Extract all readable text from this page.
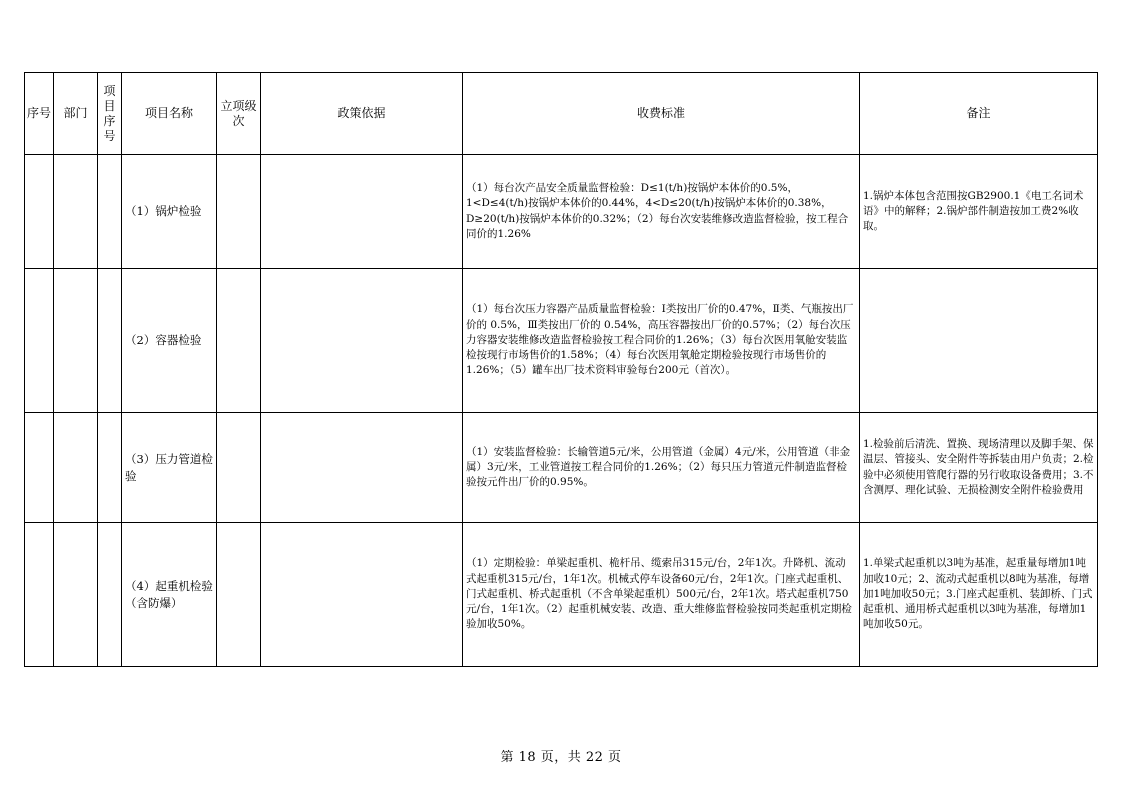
序号	部门	项目序号	项目名称	立项级次	政策依据	收费标准	备注
			（1）锅炉检验			（1）每台次产品安全质量监督检验：D≤1(t/h)按锅炉本体价的0.5%，1<D≤4(t/h)按锅炉本体价的0.44%，4<D≤20(t/h)按锅炉本体价的0.38%，D≥20(t/h)按锅炉本体价的0.32%；（2）每台次安装维修改造监督检验，按工程合同价的1.26%	1.锅炉本体包含范围按GB2900.1《电工名词术语》中的解释；2.锅炉部件制造按加工费2%收取。
			（2）容器检验			（1）每台次压力容器产品质量监督检验：I类按出厂价的0.47%，Ⅱ类、气瓶按出厂价的 0.5%，Ⅲ类按出厂价的 0.54%，高压容器按出厂价的0.57%；（2）每台次压力容器安装维修改造监督检验按工程合同价的1.26%；（3）每台次医用氧舱安装监检按现行市场售价的1.58%；（4）每台次医用氧舱定期检验按现行市场售价的1.26%；（5）罐车出厂技术资料审验每台200元（首次）。	
			（3）压力管道检验			（1）安装监督检验：长输管道5元/米，公用管道（金属）4元/米，公用管道（非金属）3元/米，工业管道按工程合同价的1.26%；（2）每只压力管道元件制造监督检验按元件出厂价的0.95%。	1.检验前后清洗、置换、现场清理以及脚手架、保温层、管接头、安全附件等拆装由用户负责；2.检验中必须使用管爬行器的另行收取设备费用；3.不含测厚、理化试验、无损检测安全附件检验费用
			（4）起重机检验（含防爆）			（1）定期检验：单梁起重机、桅杆吊、缆索吊315元/台，2年1次。升降机、流动式起重机315元/台，1年1次。机械式停车设备60元/台，2年1次。门座式起重机、门式起重机、桥式起重机（不含单梁起重机）500元/台，2年1次。塔式起重机750元/台，1年1次。（2）起重机械安装、改造、重大维修监督检验按同类起重机定期检验加收50%。	1.单梁式起重机以3吨为基准，起重量每增加1吨加收10元；2、流动式起重机以8吨为基准，每增加1吨加收50元；3.门座式起重机、装卸桥、门式起重机、通用桥式起重机以3吨为基准，每增加1吨加收50元。
第 18 页，共 22 页
